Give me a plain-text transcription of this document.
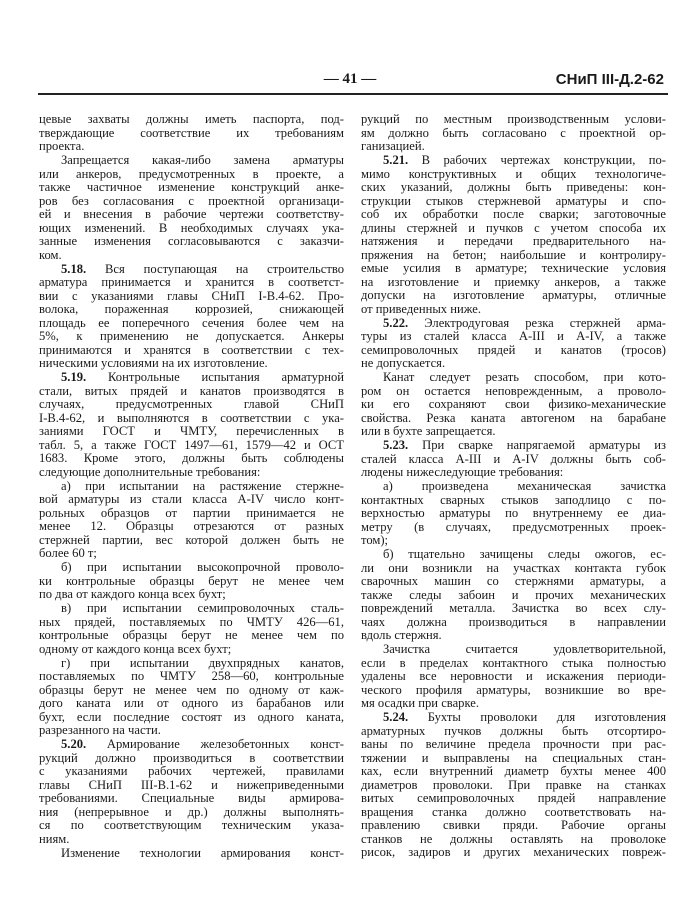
— 41 —	СНиП III-Д.2-62
цевые захваты должны иметь паспорта, под-
тверждающие соответствие их требованиям
проекта.
Запрещается какая-либо замена арматуры
или анкеров, предусмотренных в проекте, а
также частичное изменение конструкций анке-
ров без согласования с проектной организаци-
ей и внесения в рабочие чертежи соответству-
ющих изменений. В необходимых случаях ука-
занные изменения согласовываются с заказчи-
ком.
5.18. Вся поступающая на строительство
арматура принимается и хранится в соответст-
вии с указаниями главы СНиП I-В.4-62. Про-
волока, пораженная коррозией, снижающей
площадь ее поперечного сечения более чем на
5%, к применению не допускается. Анкеры
принимаются и хранятся в соответствии с тех-
ническими условиями на их изготовление.
5.19. Контрольные испытания арматурной
стали, витых прядей и канатов производятся в
случаях, предусмотренных главой СНиП
I-В.4-62, и выполняются в соответствии с ука-
заниями ГОСТ и ЧМТУ, перечисленных в
табл. 5, а также ГОСТ 1497—61, 1579—42 и ОСТ
1683. Кроме этого, должны быть соблюдены
следующие дополнительные требования:
а) при испытании на растяжение стержне-
вой арматуры из стали класса А-IV число конт-
рольных образцов от партии принимается не
менее 12. Образцы отрезаются от разных
стержней партии, вес которой должен быть не
более 60 т;
б) при испытании высокопрочной проволо-
ки контрольные образцы берут не менее чем
по два от каждого конца всех бухт;
в) при испытании семипроволочных сталь-
ных прядей, поставляемых по ЧМТУ 426—61,
контрольные образцы берут не менее чем по
одному от каждого конца всех бухт;
г) при испытании двухпрядных канатов,
поставляемых по ЧМТУ 258—60, контрольные
образцы берут не менее чем по одному от каж-
дого каната или от одного из барабанов или
бухт, если последние состоят из одного каната,
разрезанного на части.
5.20. Армирование железобетонных конст-
рукций должно производиться в соответствии
с указаниями рабочих чертежей, правилами
главы СНиП III-В.1-62 и нижеприведенными
требованиями. Специальные виды армирова-
ния (непрерывное и др.) должны выполнять-
ся по соответствующим техническим указа-
ниям.
Изменение технологии армирования конст-
рукций по местным производственным услови-
ям должно быть согласовано с проектной ор-
ганизацией.
5.21. В рабочих чертежах конструкции, по-
мимо конструктивных и общих технологиче-
ских указаний, должны быть приведены: кон-
струкции стыков стержневой арматуры и спо-
соб их обработки после сварки; заготовочные
длины стержней и пучков с учетом способа их
натяжения и передачи предварительного на-
пряжения на бетон; наибольшие и контролиру-
емые усилия в арматуре; технические условия
на изготовление и приемку анкеров, а также
допуски на изготовление арматуры, отличные
от приведенных ниже.
5.22. Электродуговая резка стержней арма-
туры из сталей класса А-III и А-IV, а также
семипроволочных прядей и канатов (тросов)
не допускается.
Канат следует резать способом, при кото-
ром он остается неповрежденным, а проволо-
ки его сохраняют свои физико-механические
свойства. Резка каната автогеном на барабане
или в бухте запрещается.
5.23. При сварке напрягаемой арматуры из
сталей класса А-III и А-IV должны быть соб-
людены нижеследующие требования:
а) произведена механическая зачистка
контактных сварных стыков заподлицо с по-
верхностью арматуры по внутреннему ее диа-
метру (в случаях, предусмотренных проек-
том);
б) тщательно зачищены следы ожогов, ес-
ли они возникли на участках контакта губок
сварочных машин со стержнями арматуры, а
также следы забоин и прочих механических
повреждений металла. Зачистка во всех слу-
чаях должна производиться в направлении
вдоль стержня.
Зачистка считается удовлетворительной,
если в пределах контактного стыка полностью
удалены все неровности и искажения периоди-
ческого профиля арматуры, возникшие во вре-
мя осадки при сварке.
5.24. Бухты проволоки для изготовления
арматурных пучков должны быть отсортиро-
ваны по величине предела прочности при рас-
тяжении и выправлены на специальных стан-
ках, если внутренний диаметр бухты менее 400
диаметров проволоки. При правке на станках
витых семипроволочных прядей направление
вращения станка должно соответствовать на-
правлению свивки пряди. Рабочие органы
станков не должны оставлять на проволоке
рисок, задиров и других механических повреж-
